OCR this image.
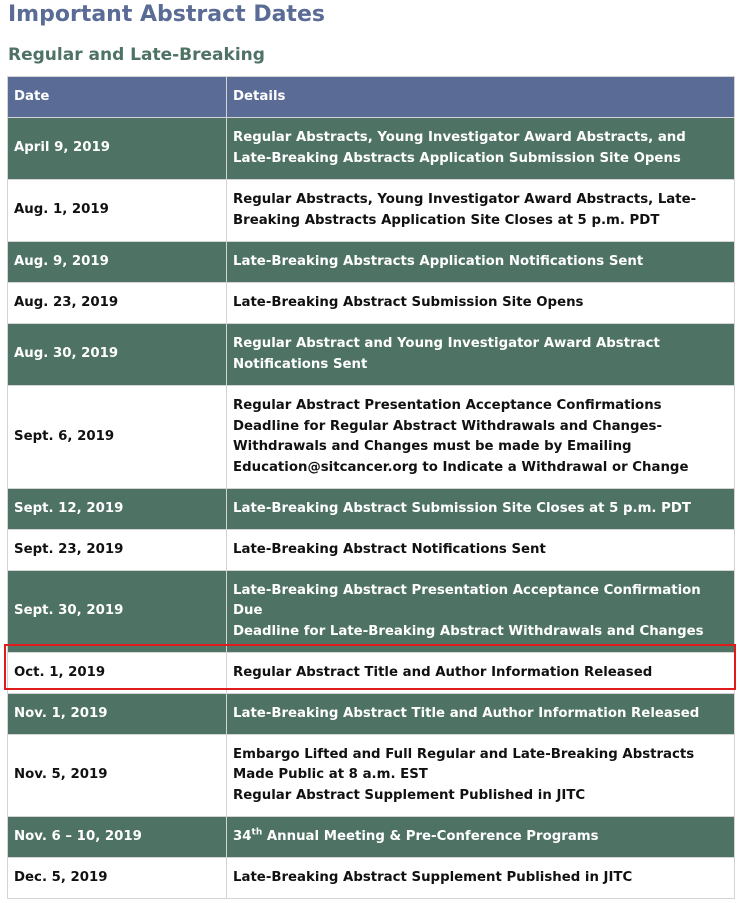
Important Abstract Dates
Regular and Late-Breaking
Date	Details
April 9, 2019	Regular Abstracts, Young Investigator Award Abstracts, and Late-Breaking Abstracts Application Submission Site Opens

Aug. 1, 2019	Regular Abstracts, Young Investigator Award Abstracts, Late-Breaking Abstracts Application Site Closes at 5 p.m. PDT

Aug. 9, 2019	Late-Breaking Abstracts Application Notifications Sent

Aug. 23, 2019	Late-Breaking Abstract Submission Site Opens

Aug. 30, 2019	Regular Abstract and Young Investigator Award Abstract Notifications Sent

Sept. 6, 2019	Regular Abstract Presentation Acceptance Confirmations
Deadline for Regular Abstract Withdrawals and Changes-Withdrawals and Changes must be made by Emailing Education@sitcancer.org to Indicate a Withdrawal or Change

Sept. 12, 2019	Late-Breaking Abstract Submission Site Closes at 5 p.m. PDT

Sept. 23, 2019	Late-Breaking Abstract Notifications Sent

Sept. 30, 2019	Late-Breaking Abstract Presentation Acceptance Confirmation Due
Deadline for Late-Breaking Abstract Withdrawals and Changes

Oct. 1, 2019	Regular Abstract Title and Author Information Released

Nov. 1, 2019	Late-Breaking Abstract Title and Author Information Released

Nov. 5, 2019	Embargo Lifted and Full Regular and Late-Breaking Abstracts Made Public at 8 a.m. EST
Regular Abstract Supplement Published in JITC

Nov. 6 – 10, 2019	34th Annual Meeting & Pre-Conference Programs
Dec. 5, 2019	Late-Breaking Abstract Supplement Published in JITC
